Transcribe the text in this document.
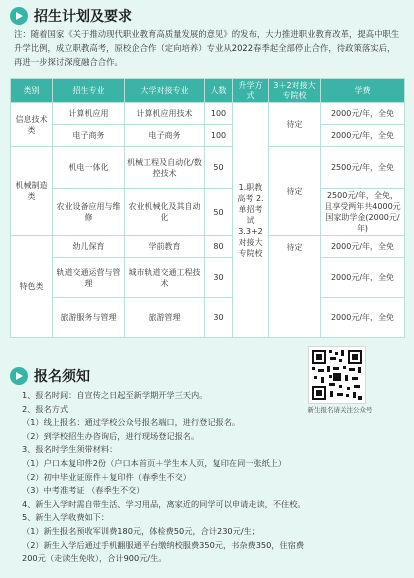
招生计划及要求

注：随着国家《关于推动现代职业教育高质量发展的意见》的发布，大力推进职业教育改革，提高中职生升学比例，成立职教高考，原校企合作（定向培养）专业从2022春季起全部停止合作，待政策落实后，再进一步探讨深度融合合作。

类别	招生专业	大学对接专业	人数	升学方式	3＋2对接大专院校	学费
信息技术类	计算机应用	计算机应用技术	100	1.职教高考 2.单招考试 3.3+2对接大专院校	待定	2000元/年，全免
	电子商务	电子商务	100			2000元/年，全免
机械制造类	机电一体化	机械工程及自动化/数控技术	50		待定	2500元/年，全免
	农业设备应用与维修	农业机械化及其自动化	50			2500元/年，全免，且享受两年共4000元国家助学金(2000元/年)
特色类	幼儿保育	学前教育	80		待定	2000元/年，全免
	轨道交通运营与管理	城市轨道交通工程技术	30			2000元/年，全免
	旅游服务与管理	旅游管理	30			2000元/年，全免
报名须知
新生报名请关注公众号
1、报名时间：自宣传之日起至新学期开学三天内。
2、报名方式
（1）线上报名：通过学校公众号报名端口，进行登记报名。
（2）到学校招生办咨询后，进行现场登记报名。
3、报名时学生须带材料：
（1）户口本复印件2份（户口本首页＋学生本人页，复印在同一张纸上）
（2）初中毕业证原件＋复印件（春季生不交）
（3）中考准考证 （春季生不交）
4、新生入学时需自带生活、学习用品，离家近的同学可以申请走读，不住校。
5、新生入学收费如下：
（1）新生报名预收军训费180元，体检费50元，合计230元/生；
（2）新生入学后通过手机翻服通平台缴纳校服费350元，书杂费350，住宿费
200元（走读生免收），合计900元/生。
